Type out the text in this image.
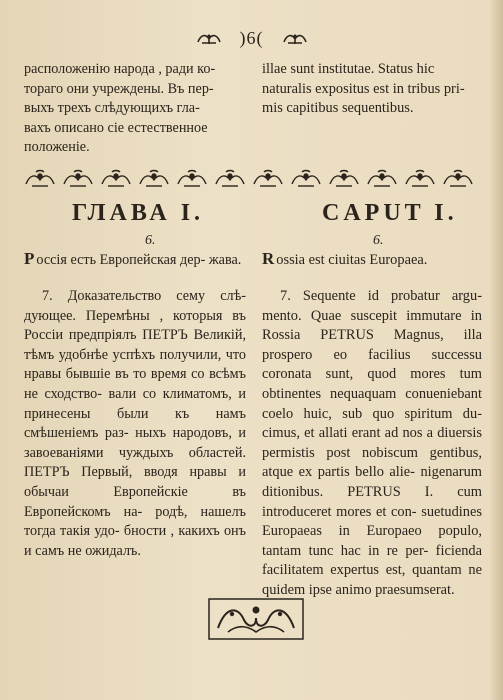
)6(
расположенію народа , ради ко-
тораго они учреждены. Въ пер-
выхъ трехъ слѣдующихъ гла-
вахъ описано сіе естественное
положеніе.
illae sunt institutae. Status hic
naturalis expositus est in tribus pri-
mis capitibus sequentibus.
ГЛАВА I.	CAPUT I.
6.	6.
Р оссія есть Европейская дер- жава. R ossia est ciuitas Europaea.
7. Доказательство сему слѣ- дующее. Перемѣны , которыя въ Россіи предпріялъ ПЕТРЪ Великій, тѣмъ удобнѣе успѣхъ получили, что нравы бывшіе въ то время со всѣмъ не сходство- вали со климатомъ, и принесены были къ намъ смѣшеніемъ раз- ныхъ народовъ, и завоеваніями чуждыхъ областей. ПЕТРЪ Первый, вводя нравы и обычаи Европейскіе въ Европейскомъ на- родѣ, нашелъ тогда такія удо- бности , какихъ онъ и самъ не ожидалъ.
7. Sequente id probatur argu- mento. Quae suscepit immutare in Rossia PETRUS Magnus, illa prospero eo facilius successu coronata sunt, quod mores tum obtinentes nequaquam conueniebant coelo huic, sub quo spiritum du- cimus, et allati erant ad nos a diuersis permistis post nobiscum gentibus, atque ex partis bello alie- nigenarum ditionibus. PETRUS I. cum introduceret mores et con- suetudines Europaeas in Europaeo populo, tantam tunc hac in re per- ficienda facilitatem expertus est, quantam ne quidem ipse animo praesumserat.
